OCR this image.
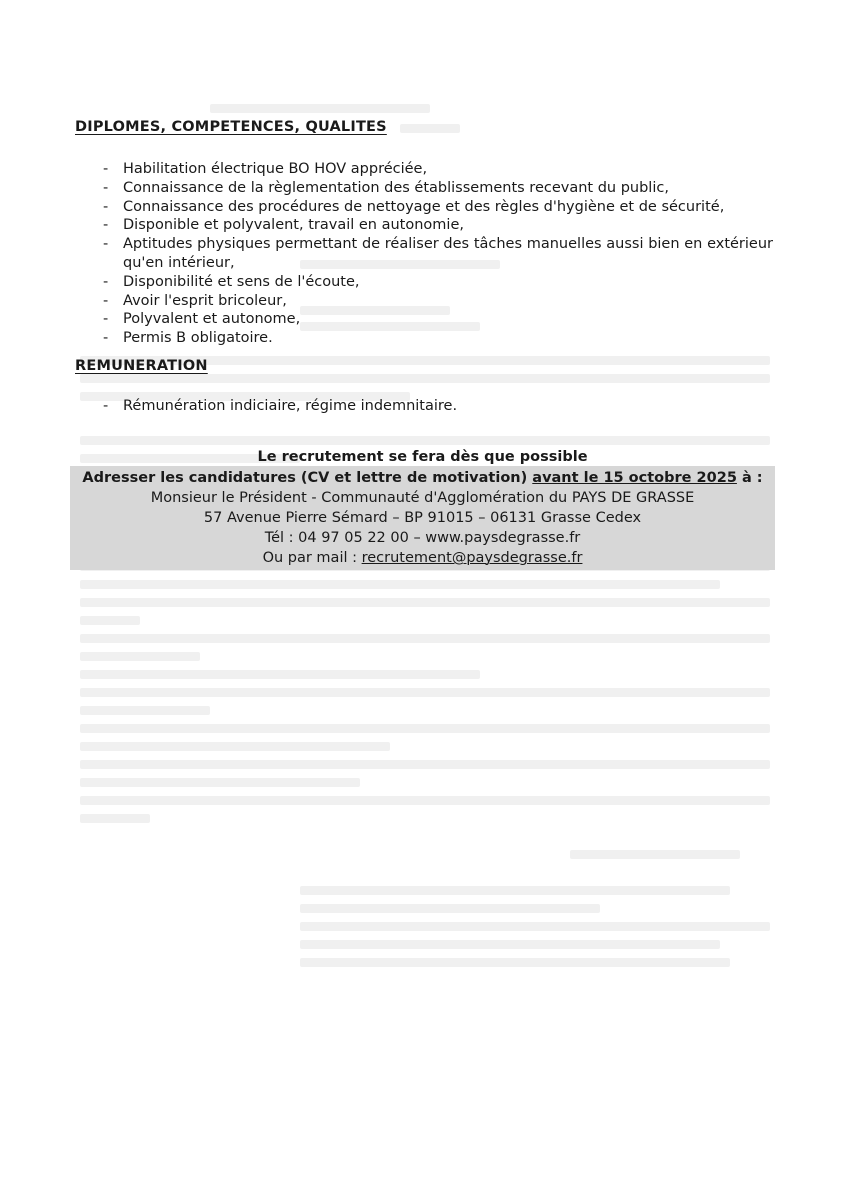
DIPLOMES, COMPETENCES, QUALITES
- Habilitation électrique BO HOV appréciée,
- Connaissance de la règlementation des établissements recevant du public,
- Connaissance des procédures de nettoyage et des règles d'hygiène et de sécurité,
- Disponible et polyvalent, travail en autonomie,
- Aptitudes physiques permettant de réaliser des tâches manuelles aussi bien en extérieur qu'en intérieur,
- Disponibilité et sens de l'écoute,
- Avoir l'esprit bricoleur,
- Polyvalent et autonome,
- Permis B obligatoire.
REMUNERATION
- Rémunération indiciaire, régime indemnitaire.
Le recrutement se fera dès que possible
Adresser les candidatures (CV et lettre de motivation) avant le 15 octobre 2025 à :
Monsieur le Président - Communauté d'Agglomération du PAYS DE GRASSE
57 Avenue Pierre Sémard – BP 91015 – 06131 Grasse Cedex
Tél : 04 97 05 22 00 – www.paysdegrasse.fr
Ou par mail : recrutement@paysdegrasse.fr
